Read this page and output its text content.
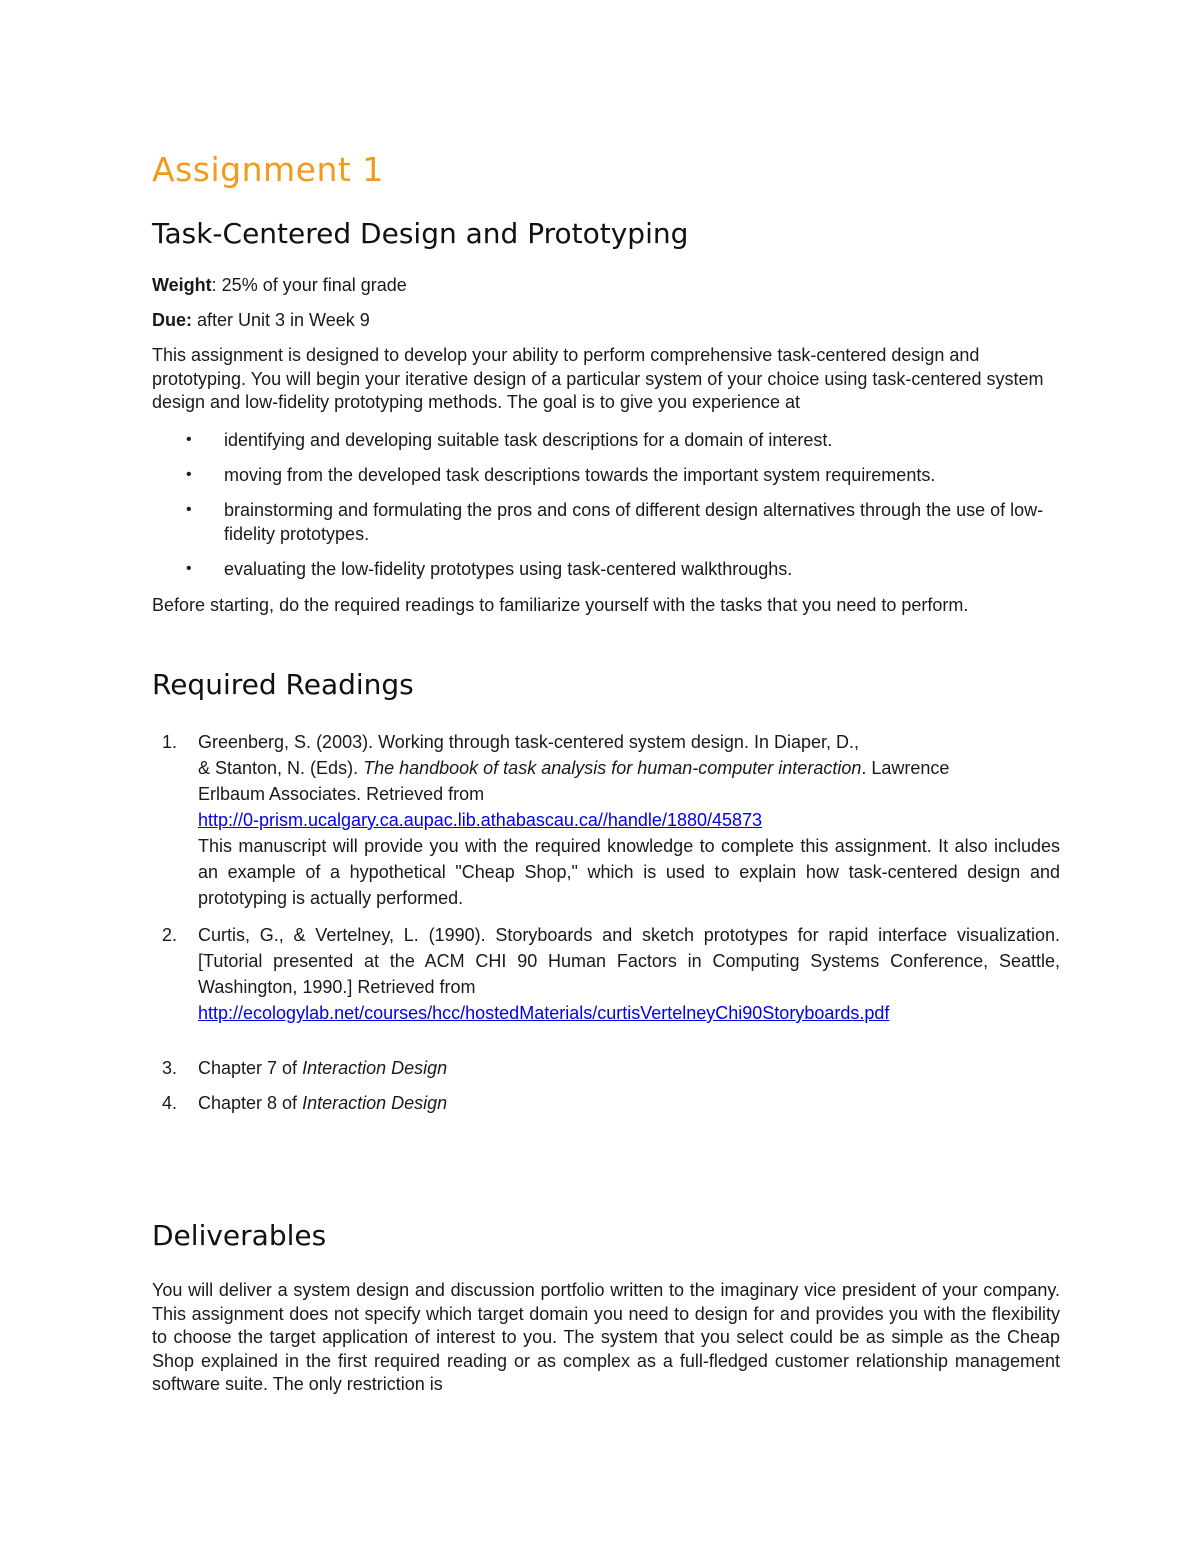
Assignment 1
Task-Centered Design and Prototyping

Weight: 25% of your final grade

Due: after Unit 3 in Week 9

This assignment is designed to develop your ability to perform comprehensive task-centered design and prototyping. You will begin your iterative design of a particular system of your choice using task-centered system design and low-fidelity prototyping methods. The goal is to give you experience at

• identifying and developing suitable task descriptions for a domain of interest.
• moving from the developed task descriptions towards the important system requirements.
• brainstorming and formulating the pros and cons of different design alternatives through the use of low-fidelity prototypes.
• evaluating the low-fidelity prototypes using task-centered walkthroughs.

Before starting, do the required readings to familiarize yourself with the tasks that you need to perform.

Required Readings
1. Greenberg, S. (2003). Working through task-centered system design. In Diaper, D.,
& Stanton, N. (Eds). The handbook of task analysis for human-computer interaction. Lawrence
Erlbaum Associates. Retrieved from
http://0-prism.ucalgary.ca.aupac.lib.athabascau.ca//handle/1880/45873
This manuscript will provide you with the required knowledge to complete this assignment. It also includes an example of a hypothetical "Cheap Shop," which is used to explain how task-centered design and prototyping is actually performed.
2. Curtis, G., & Vertelney, L. (1990). Storyboards and sketch prototypes for rapid interface visualization. [Tutorial presented at the ACM CHI 90 Human Factors in Computing Systems Conference, Seattle, Washington, 1990.] Retrieved from
http://ecologylab.net/courses/hcc/hostedMaterials/curtisVertelneyChi90Storyboards.pdf
3. Chapter 7 of Interaction Design
4. Chapter 8 of Interaction Design
Deliverables

You will deliver a system design and discussion portfolio written to the imaginary vice president of your company. This assignment does not specify which target domain you need to design for and provides you with the flexibility to choose the target application of interest to you. The system that you select could be as simple as the Cheap Shop explained in the first required reading or as complex as a full-fledged customer relationship management software suite. The only restriction is
